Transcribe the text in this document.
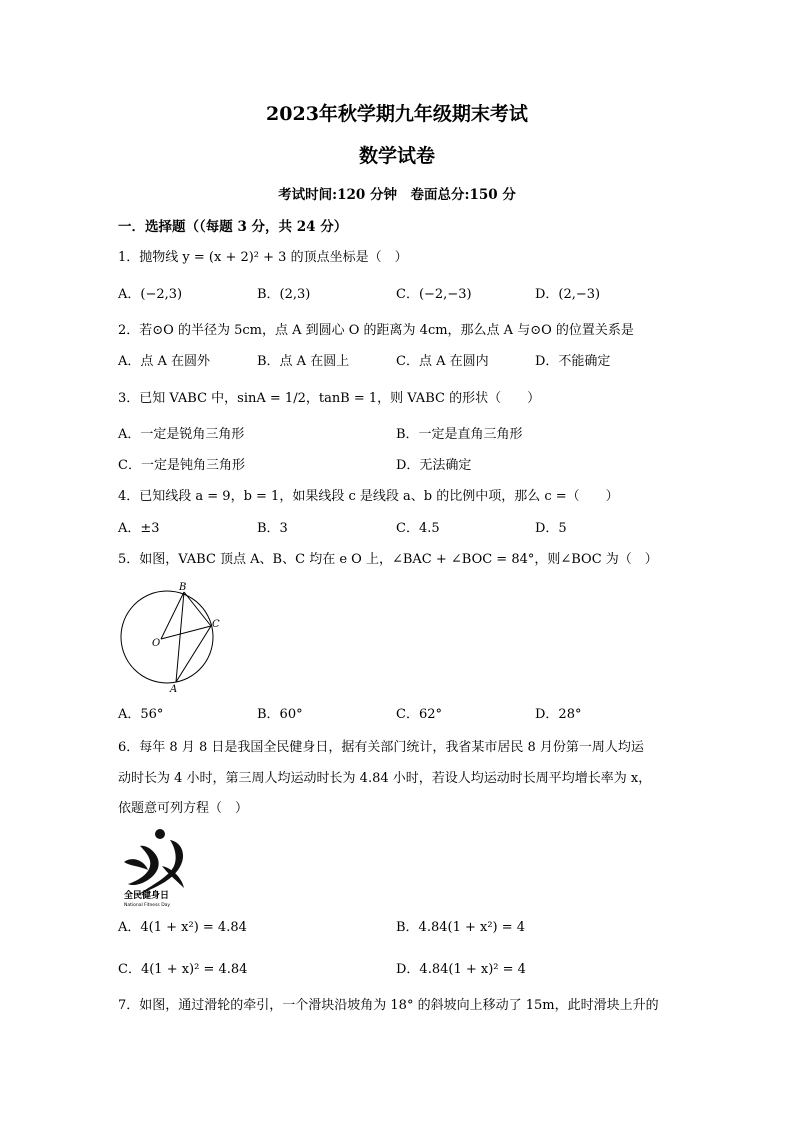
2023年秋学期九年级期末考试
数学试卷
考试时间:120 分钟　卷面总分:150 分
一．选择题（（每题 3 分，共 24 分）
1．抛物线 y = (x + 2)² + 3 的顶点坐标是（　）
A．(−2,3)	B．(2,3)	C．(−2,−3)	D．(2,−3)
2．若⊙O 的半径为 5cm，点 A 到圆心 O 的距离为 4cm，那么点 A 与⊙O 的位置关系是
A．点 A 在圆外	B．点 A 在圆上	C．点 A 在圆内	D．不能确定
3．已知 VABC 中，sinA = 1/2，tanB = 1，则 VABC 的形状（　　）
A．一定是锐角三角形	B．一定是直角三角形
C．一定是钝角三角形	D．无法确定
4．已知线段 a = 9，b = 1，如果线段 c 是线段 a、b 的比例中项，那么 c =（　　）
A．±3	B．3	C．4.5	D．5
5．如图，VABC 顶点 A、B、C 均在 e O 上，∠BAC + ∠BOC = 84°，则∠BOC 为（　）
B
C
O
A
A．56°	B．60°	C．62°	D．28°
6．每年 8 月 8 日是我国全民健身日，据有关部门统计，我省某市居民 8 月份第一周人均运
动时长为 4 小时，第三周人均运动时长为 4.84 小时，若设人均运动时长周平均增长率为 x，
依题意可列方程（　）
全民健身日
National Fitness Day
A．4(1 + x²) = 4.84	B．4.84(1 + x²) = 4
C．4(1 + x)² = 4.84	D．4.84(1 + x)² = 4
7．如图，通过滑轮的牵引，一个滑块沿坡角为 18° 的斜坡向上移动了 15m，此时滑块上升的
